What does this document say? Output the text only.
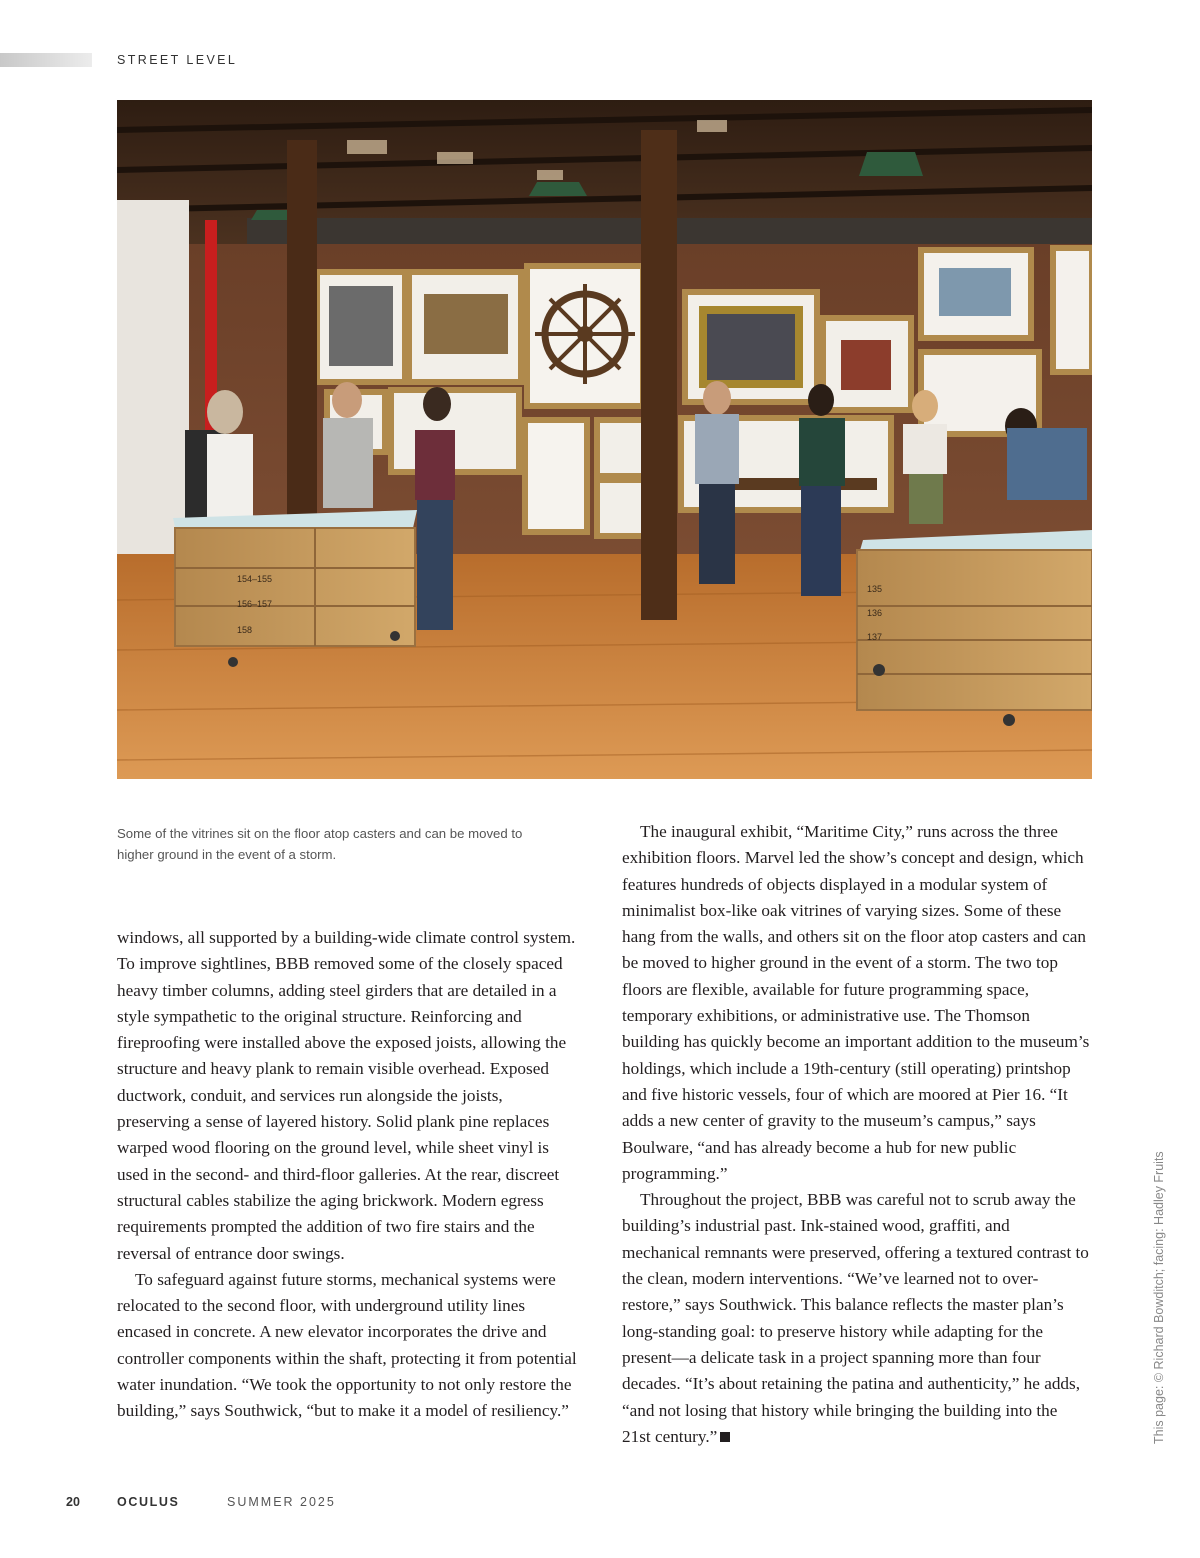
STREET LEVEL
154–155
156–157
158
135
136
137
Some of the vitrines sit on the floor atop casters and can be moved to higher ground in the event of a storm.

windows, all supported by a building-wide climate control system. To improve sightlines, BBB removed some of the closely spaced heavy timber columns, adding steel girders that are detailed in a style sympathetic to the original structure. Reinforcing and fireproofing were installed above the exposed joists, allowing the structure and heavy plank to remain visible overhead. Exposed ductwork, conduit, and services run alongside the joists, preserving a sense of layered history. Solid plank pine replaces warped wood flooring on the ground level, while sheet vinyl is used in the second- and third-floor galleries. At the rear, discreet structural cables stabilize the aging brickwork. Modern egress requirements prompted the addition of two fire stairs and the reversal of entrance door swings.

To safeguard against future storms, mechanical systems were relocated to the second floor, with underground utility lines encased in concrete. A new elevator incorporates the drive and controller components within the shaft, protecting it from potential water inundation. “We took the opportunity to not only restore the building,” says Southwick, “but to make it a model of resiliency.”

The inaugural exhibit, “Maritime City,” runs across the three exhibition floors. Marvel led the show’s concept and design, which features hundreds of objects displayed in a modular system of minimalist box-like oak vitrines of varying sizes. Some of these hang from the walls, and others sit on the floor atop casters and can be moved to higher ground in the event of a storm. The two top floors are flexible, available for future programming space, temporary exhibitions, or administrative use. The Thomson building has quickly become an important addition to the museum’s holdings, which include a 19th-century (still operating) printshop and five historic vessels, four of which are moored at Pier 16. “It adds a new center of gravity to the museum’s campus,” says Boulware, “and has already become a hub for new public programming.”

Throughout the project, BBB was careful not to scrub away the building’s industrial past. Ink-stained wood, graffiti, and mechanical remnants were preserved, offering a textured contrast to the clean, modern interventions. “We’ve learned not to over-restore,” says Southwick. This balance reflects the master plan’s long-standing goal: to preserve history while adapting for the present—a delicate task in a project spanning more than four decades. “It’s about retaining the patina and authenticity,” he adds, “and not losing that history while bringing the building into the 21st century.”	This page: © Richard Bowditch; facing: Hadley Fruits
20	OCULUS	SUMMER 2025
